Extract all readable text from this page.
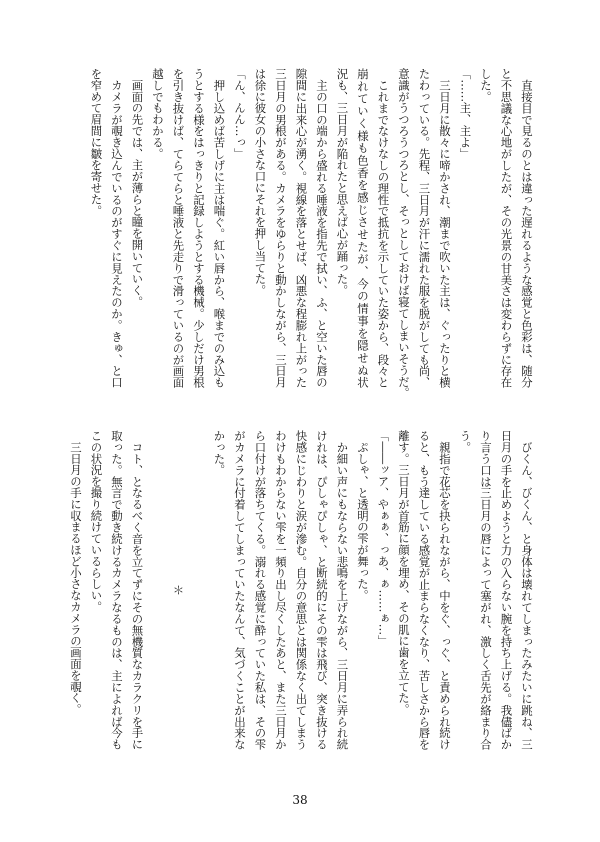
　直接目で見るのとは違った遅れるような感覚と色彩は、随分
と不思議な心地がしたが、その光景の甘美さは変わらずに存在
した。
「……主、主よ」
　三日月に散々に啼かされ、潮まで吹いた主は、ぐったりと横
たわっている。先程、三日月が汗に濡れた服を脱がしても尚、
意識がうつろうつろとし、そっとしておけば寝てしまいそうだ。
　これまでなけなしの理性で抵抗を示していた姿から、段々と
崩れていく様も色香を感じさせたが、今の情事を隠せぬ状
況も、三日月が陥れたと思えば心が踊った。
　主の口の端から盛れる唾液を指先で拭い、ふ、と空いた唇の
隙間に出来心が湧く。視線を落とせば、凶悪な程膨れ上がった
三日月の男根がある。カメラをゆらりと動かしながら、三日月
は徐に彼女の小さな口にそれを押し当てた。
「ん、んん…っ」
　押し込めば苦しげに主は喘ぐ。紅い唇から、喉までのみ込も
うとする様をはっきりと記録しようとする機械。少しだけ男根
を引き抜けば、てらてらと唾液と先走りで滑っているのが画面
越しでもわかる。
　画面の先では、主が薄らと瞳を開いていく。
　カメラが覗き込んでいるのがすぐに見えたのか。きゅ、と口
を窄めて眉間に皺を寄せた。
　びくん、びくん、と身体は壊れてしまったみたいに跳ね、三
日月の手を止めようと力の入らない腕を持ち上げる。我儘ばか
り言う口は三日月の唇によって塞がれ、激しく舌先が絡まり合
う。
　親指で花芯を抉られながら、中をぐ、っぐ、と責められ続け
ると、もう達している感覚が止まらなくなり、苦しさから唇を
離す。三日月が首筋に顔を埋め、その肌に歯を立てた。
「――ッア、やぁぁ、っあ、ぁ……ぁ…」
　ぷしゃ、と透明の雫が舞った。
　か細い声にもならない悲鳴を上げながら、三日月に弄られ続
けれは、ぴしゃぴしゃ、と断続的にその雫は飛び、突き抜ける
快感にじわりと涙が滲む。自分の意思とは関係なく出てしまう
わけもわからない雫を一頻り出し尽くしたあと、また三日月か
ら口付けが落ちてくる。溺れる感覚に酔っていた私は、その雫
がカメラに付着してしまっていたなんて、気づくことが出来な
かった。
＊
　コト、となるべく音を立てずにその無機質なカラクリを手に
取った。無言で動き続けるカメラなるものは、主によれば今も
この状況を撮り続けているらしい。
　三日月の手に収まるほど小さなカメラの画面を覗く。
38
